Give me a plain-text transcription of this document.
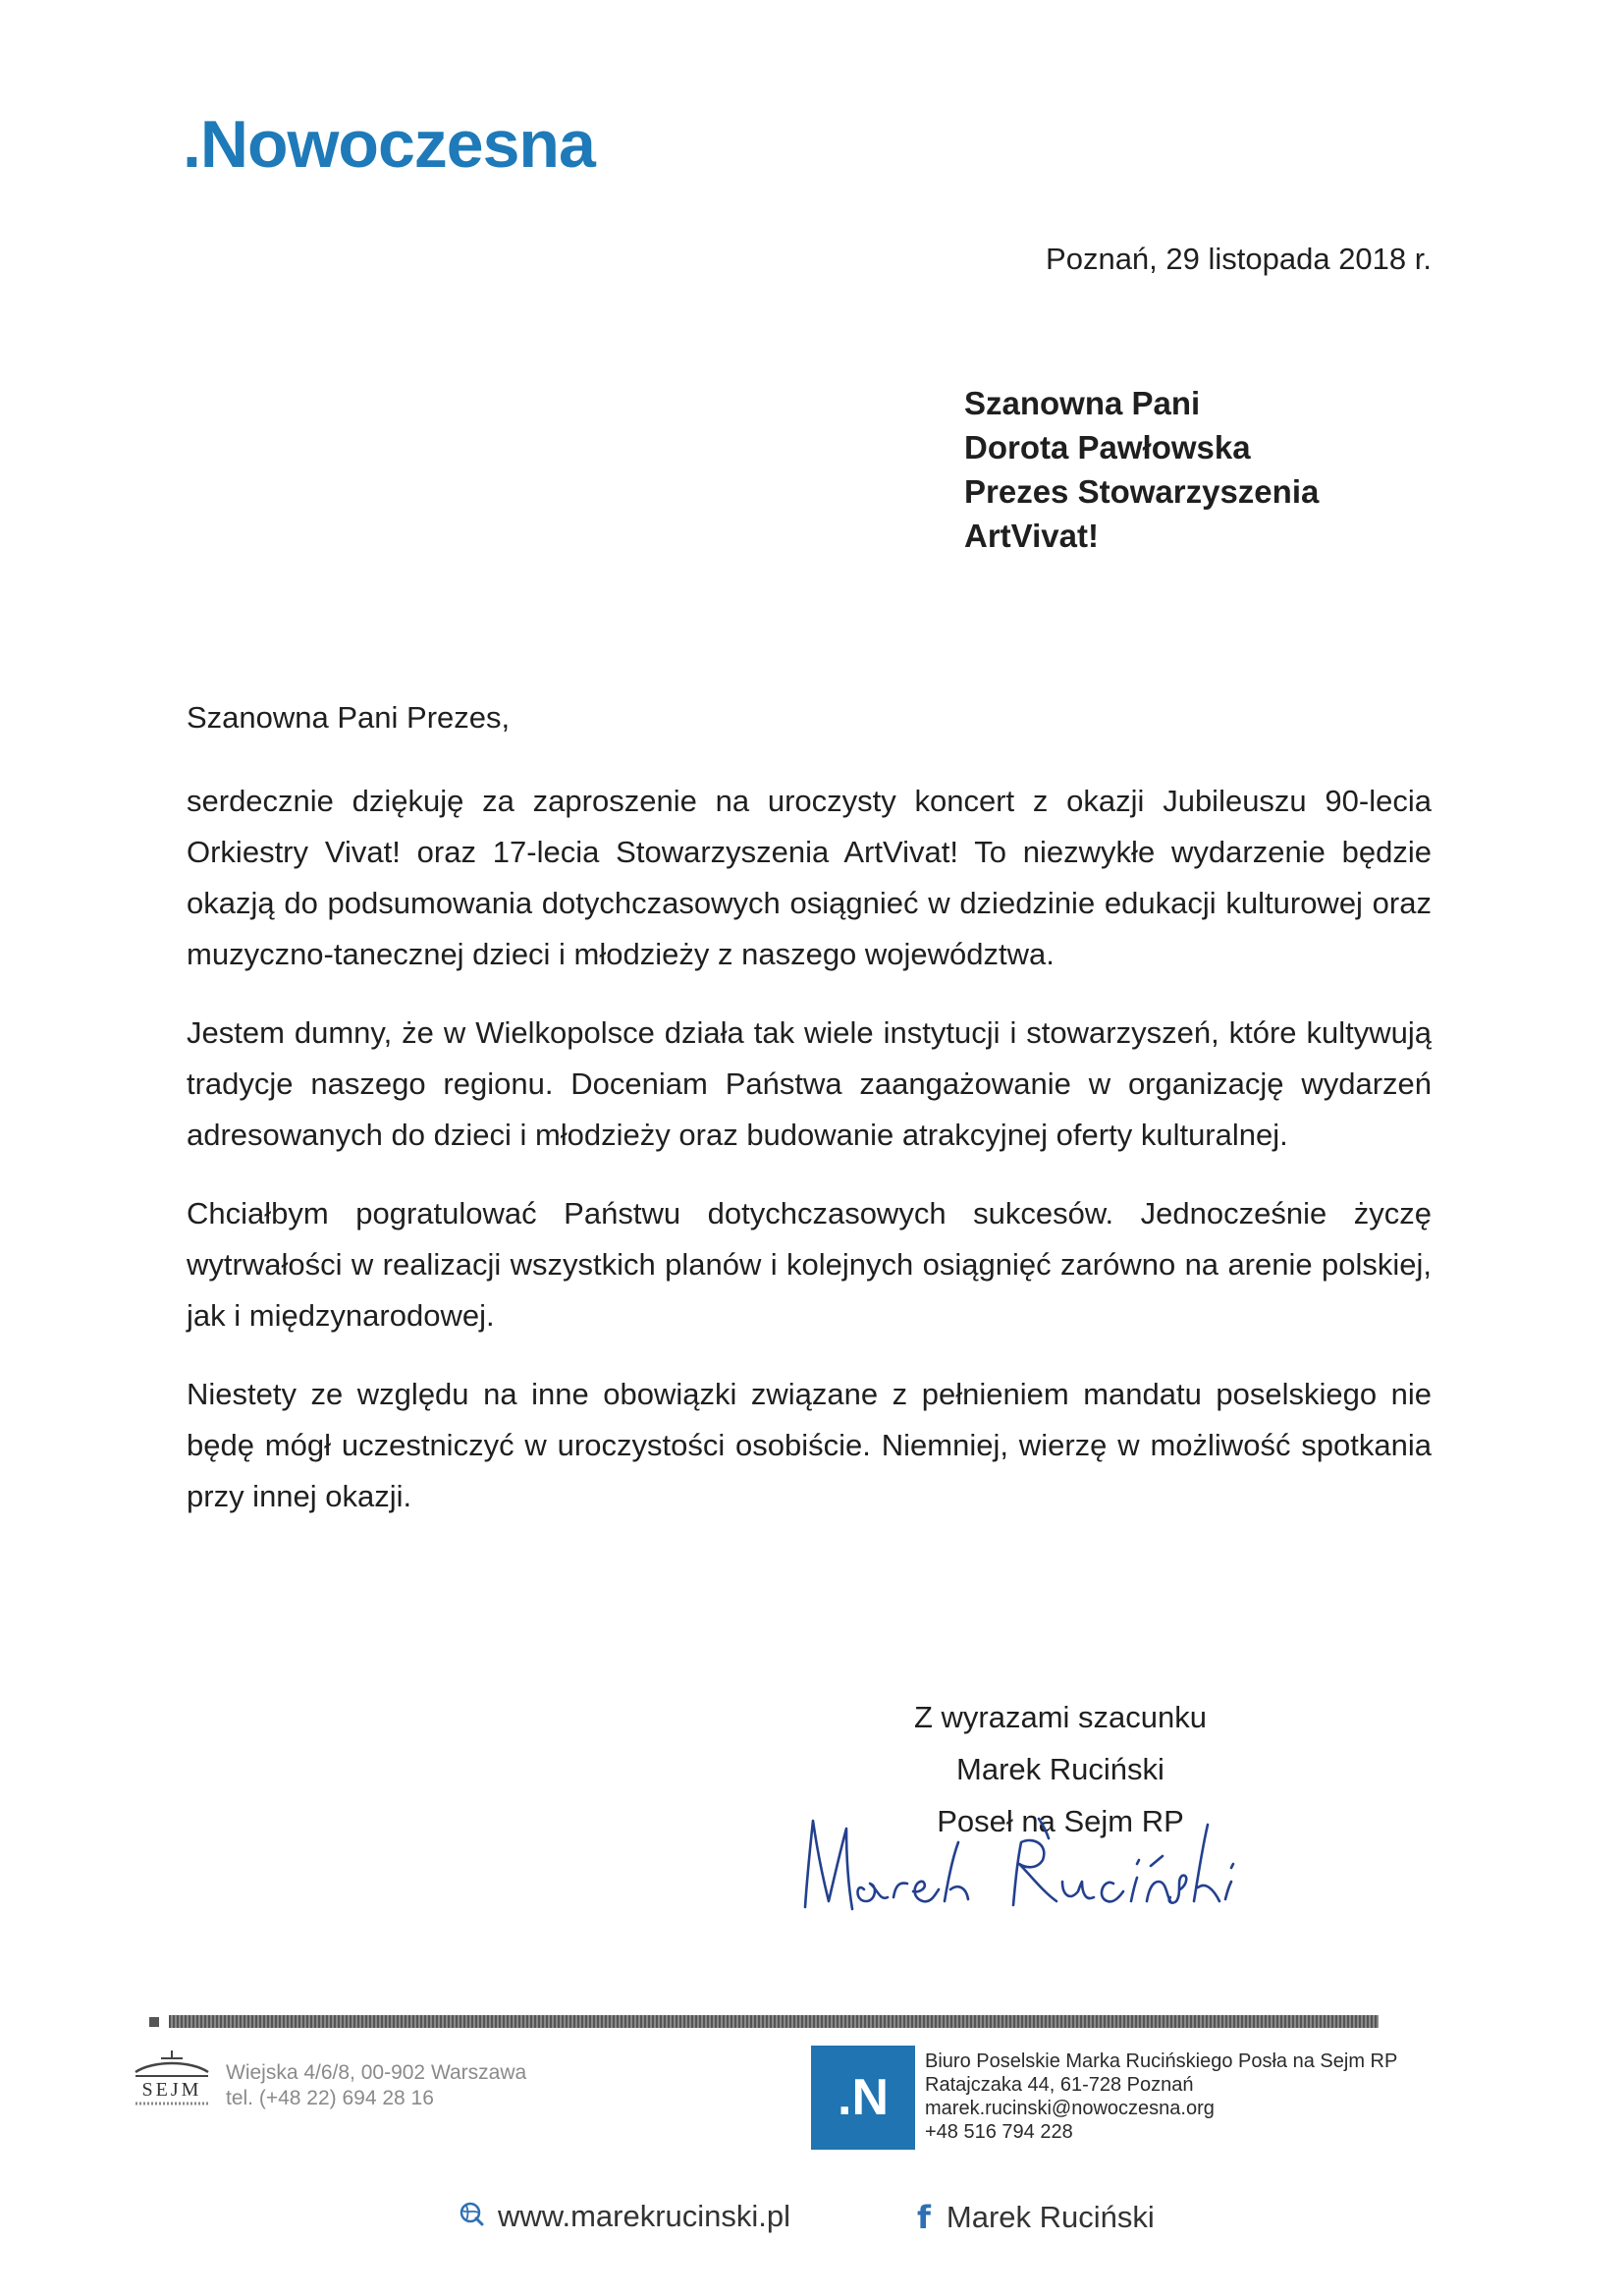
.Nowoczesna

Poznań, 29 listopada 2018 r.

Szanowna Pani
Dorota Pawłowska
Prezes Stowarzyszenia
ArtVivat!

Szanowna Pani Prezes,

serdecznie dziękuję za zaproszenie na uroczysty koncert z okazji Jubileuszu 90-lecia Orkiestry Vivat! oraz 17-lecia Stowarzyszenia ArtVivat! To niezwykłe wydarzenie będzie okazją do podsumowania dotychczasowych osiągnieć w dziedzinie edukacji kulturowej oraz muzyczno-tanecznej dzieci i młodzieży z naszego województwa.

Jestem dumny, że w Wielkopolsce działa tak wiele instytucji i stowarzyszeń, które kultywują tradycje naszego regionu. Doceniam Państwa zaangażowanie w organizację wydarzeń adresowanych do dzieci i młodzieży oraz budowanie atrakcyjnej oferty kulturalnej.

Chciałbym pogratulować Państwu dotychczasowych sukcesów. Jednocześnie życzę wytrwałości w realizacji wszystkich planów i kolejnych osiągnięć zarówno na arenie polskiej, jak i międzynarodowej.

Niestety ze względu na inne obowiązki związane z pełnieniem mandatu poselskiego nie będę mógł uczestniczyć w uroczystości osobiście. Niemniej, wierzę w możliwość spotkania przy innej okazji.

Z wyrazami szacunku
Marek Ruciński
Poseł na Sejm RP
SEJM
Wiejska 4/6/8, 00-902 Warszawa
tel. (+48 22) 694 28 16	.N
Biuro Poselskie Marka Rucińskiego Posła na Sejm RP
Ratajczaka 44, 61-728 Poznań
marek.rucinski@nowoczesna.org
+48 516 794 228
www.marekrucinski.pl	f Marek Ruciński
